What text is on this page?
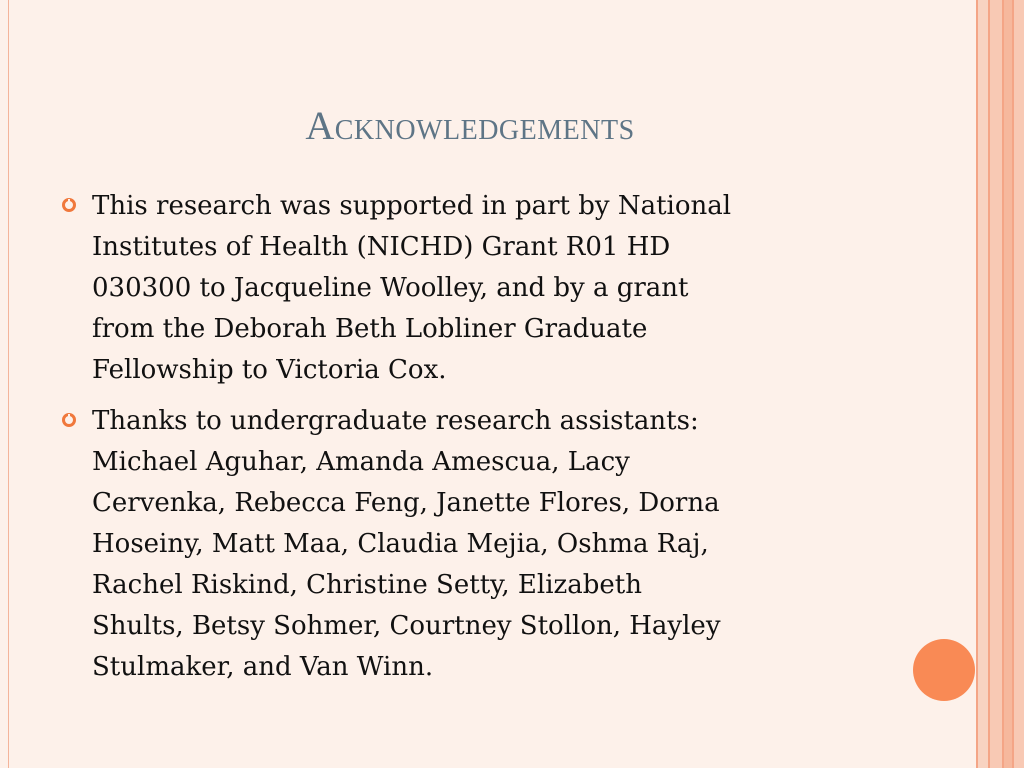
Acknowledgements
This research was supported in part by National
Institutes of Health (NICHD) Grant R01 HD
030300 to Jacqueline Woolley, and by a grant
from the Deborah Beth Lobliner Graduate
Fellowship to Victoria Cox.
Thanks to undergraduate research assistants:
Michael Aguhar, Amanda Amescua, Lacy
Cervenka, Rebecca Feng, Janette Flores, Dorna
Hoseiny, Matt Maa, Claudia Mejia, Oshma Raj,
Rachel Riskind, Christine Setty, Elizabeth
Shults, Betsy Sohmer, Courtney Stollon, Hayley
Stulmaker, and Van Winn.
